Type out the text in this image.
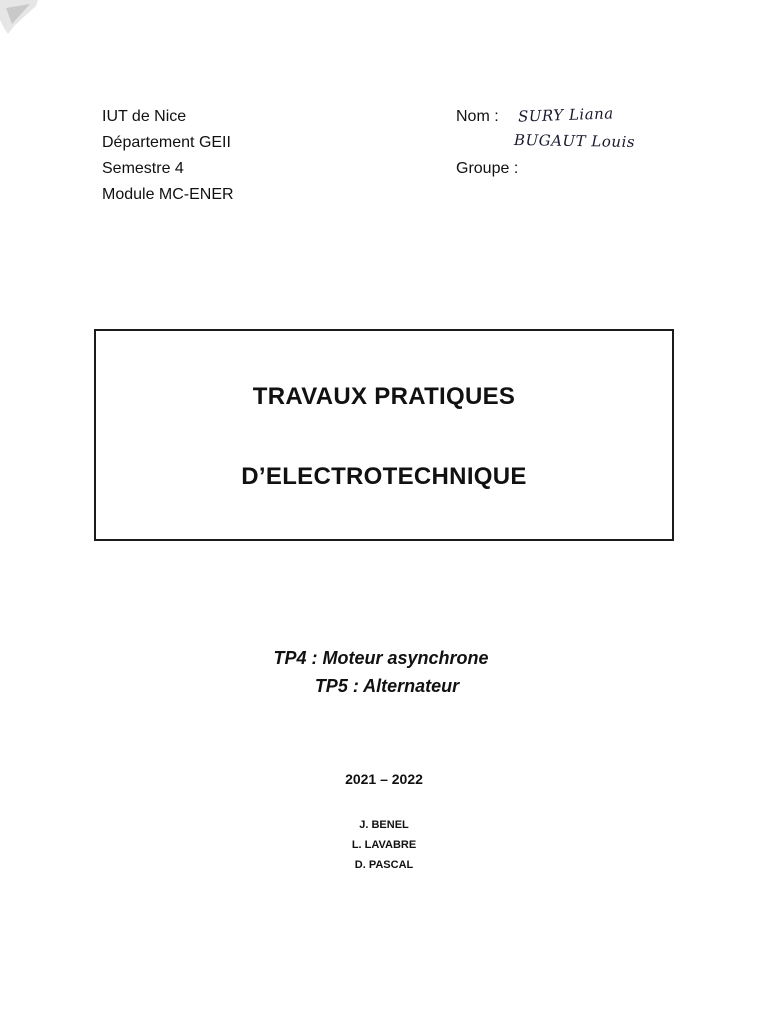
IUT de Nice
Département GEII
Semestre 4
Module MC-ENER
Nom : SURY Liana
BUGAUT Louis
Groupe :
TRAVAUX PRATIQUES
D’ELECTROTECHNIQUE
TP4 : Moteur asynchrone
TP5 : Alternateur
2021 – 2022
J. BENEL
L. LAVABRE
D. PASCAL
